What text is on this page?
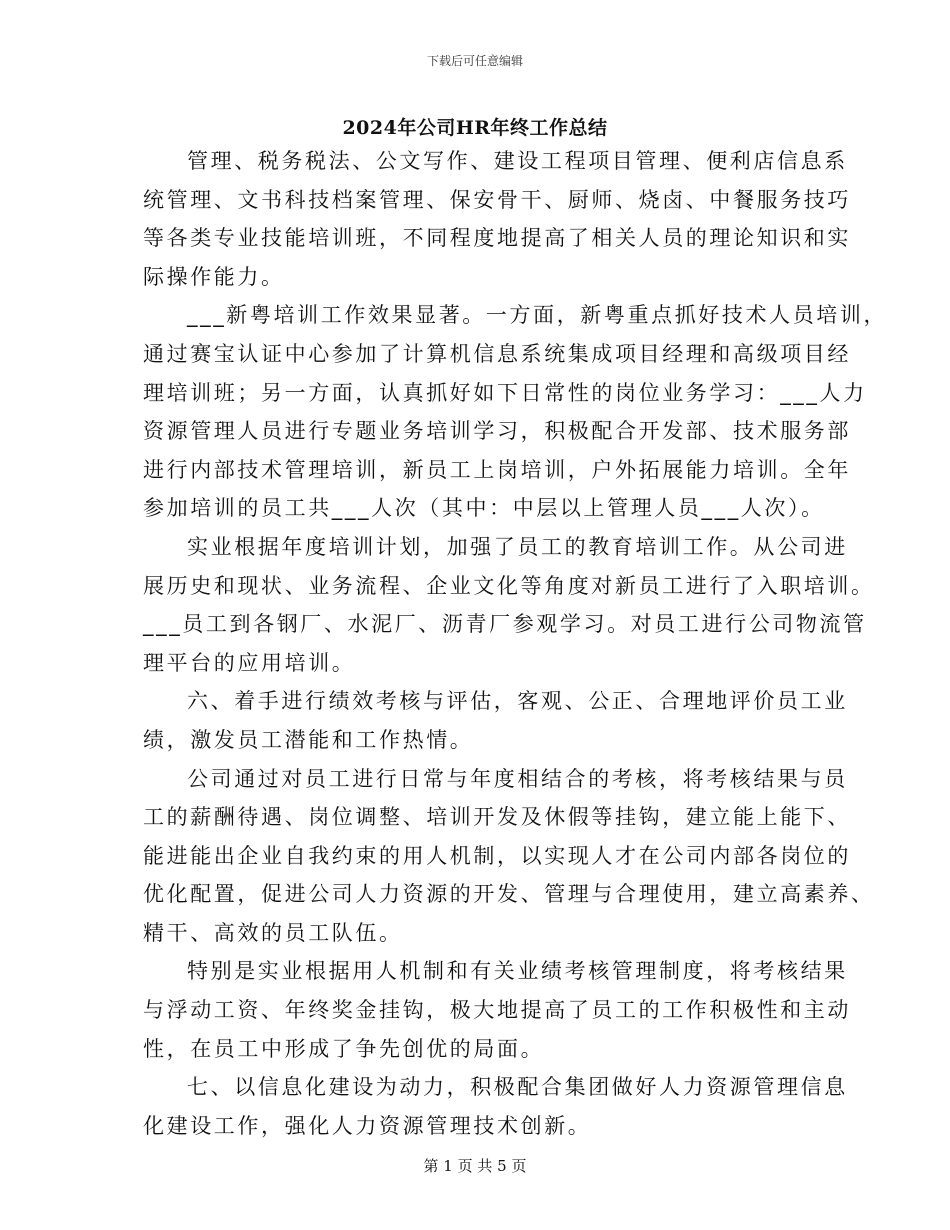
下载后可任意编辑
2024年公司HR年终工作总结

管理、税务税法、公文写作、建设工程项目管理、便利店信息系
统管理、文书科技档案管理、保安骨干、厨师、烧卤、中餐服务技巧
等各类专业技能培训班，不同程度地提高了相关人员的理论知识和实
际操作能力。

___新粤培训工作效果显著。一方面，新粤重点抓好技术人员培训，
通过赛宝认证中心参加了计算机信息系统集成项目经理和高级项目经
理培训班；另一方面，认真抓好如下日常性的岗位业务学习：___人力
资源管理人员进行专题业务培训学习，积极配合开发部、技术服务部
进行内部技术管理培训，新员工上岗培训，户外拓展能力培训。全年
参加培训的员工共___人次（其中：中层以上管理人员___人次）。

实业根据年度培训计划，加强了员工的教育培训工作。从公司进
展历史和现状、业务流程、企业文化等角度对新员工进行了入职培训。
___员工到各钢厂、水泥厂、沥青厂参观学习。对员工进行公司物流管
理平台的应用培训。

六、着手进行绩效考核与评估，客观、公正、合理地评价员工业
绩，激发员工潜能和工作热情。

公司通过对员工进行日常与年度相结合的考核，将考核结果与员
工的薪酬待遇、岗位调整、培训开发及休假等挂钩，建立能上能下、
能进能出企业自我约束的用人机制，以实现人才在公司内部各岗位的
优化配置，促进公司人力资源的开发、管理与合理使用，建立高素养、
精干、高效的员工队伍。

特别是实业根据用人机制和有关业绩考核管理制度，将考核结果
与浮动工资、年终奖金挂钩，极大地提高了员工的工作积极性和主动
性，在员工中形成了争先创优的局面。

七、以信息化建设为动力，积极配合集团做好人力资源管理信息
化建设工作，强化人力资源管理技术创新。

第 1 页 共 5 页
